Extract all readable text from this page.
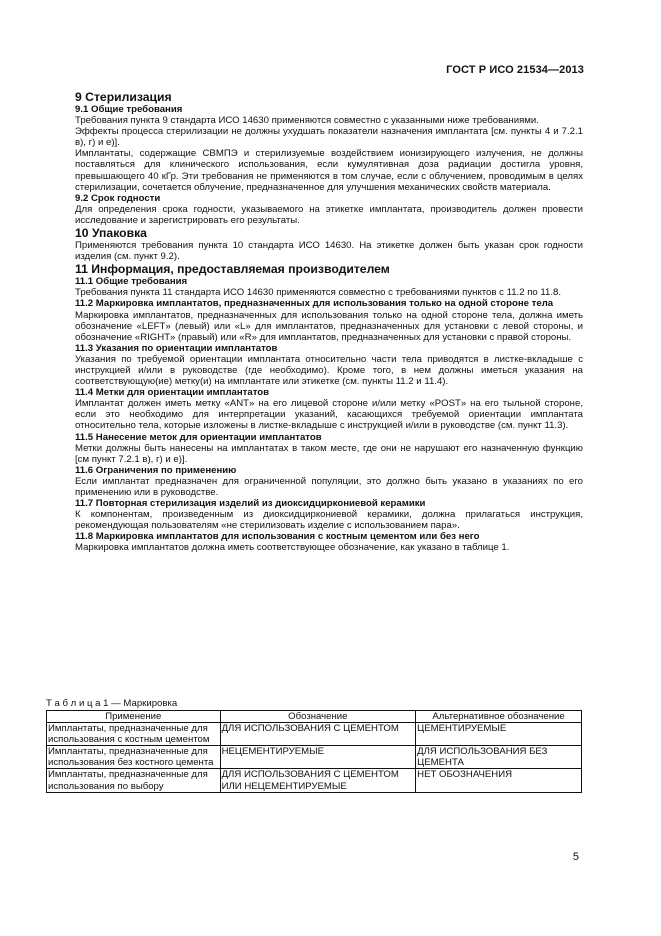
ГОСТ Р ИСО 21534—2013

9 Стерилизация

9.1 Общие требования

Требования пункта 9 стандарта ИСО 14630 применяются совместно с указанными ниже требованиями.

Эффекты процесса стерилизации не должны ухудшать показатели назначения имплантата [см. пункты 4 и 7.2.1 в), г) и е)].

Имплантаты, содержащие СВМПЭ и стерилизуемые воздействием ионизирующего излучения, не должны поставляться для клинического использования, если кумулятивная доза радиации достигла уровня, превышающего 40 кГр. Эти требования не применяются в том случае, если с облучением, проводимым в целях стерилизации, сочетается облучение, предназначенное для улучшения механических свойств материала.

9.2 Срок годности

Для определения срока годности, указываемого на этикетке имплантата, производитель должен провести исследование и зарегистрировать его результаты.

10 Упаковка

Применяются требования пункта 10 стандарта ИСО 14630. На этикетке должен быть указан срок годности изделия (см. пункт 9.2).

11 Информация, предоставляемая производителем

11.1 Общие требования

Требования пункта 11 стандарта ИСО 14630 применяются совместно с требованиями пунктов с 11.2 по 11.8.

11.2 Маркировка имплантатов, предназначенных для использования только на одной стороне тела

Маркировка имплантатов, предназначенных для использования только на одной стороне тела, должна иметь обозначение «LEFT» (левый) или «L» для имплантатов, предназначенных для установки с левой стороны, и обозначение «RIGHT» (правый) или «R» для имплантатов, предназначенных для установки с правой стороны.

11.3 Указания по ориентации имплантатов

Указания по требуемой ориентации имплантата относительно части тела приводятся в листке-вкладыше с инструкцией и/или в руководстве (где необходимо). Кроме того, в нем должны иметься указания на соответствующую(ие) метку(и) на имплантате или этикетке (см. пункты 11.2 и 11.4).

11.4 Метки для ориентации имплантатов

Имплантат должен иметь метку «ANT» на его лицевой стороне и/или метку «POST» на его тыльной стороне, если это необходимо для интерпретации указаний, касающихся требуемой ориентации имплантата относительно тела, которые изложены в листке-вкладыше с инструкцией и/или в руководстве (см. пункт 11.3).

11.5 Нанесение меток для ориентации имплантатов

Метки должны быть нанесены на имплантатах в таком месте, где они не нарушают его назначенную функцию [см пункт 7.2.1 в), г) и е)].

11.6 Ограничения по применению

Если имплантат предназначен для ограниченной популяции, это должно быть указано в указаниях по его применению или в руководстве.

11.7 Повторная стерилизация изделий из диоксидциркониевой керамики

К компонентам, произведенным из диоксидциркониевой керамики, должна прилагаться инструкция, рекомендующая пользователям «не стерилизовать изделие с использованием пара».

11.8 Маркировка имплантатов для использования с костным цементом или без него

Маркировка имплантатов должна иметь соответствующее обозначение, как указано в таблице 1.

Т а б л и ц а 1 — Маркировка
Применение	Обозначение	Альтернативное обозначение
Имплантаты, предназначенные для использования с костным цементом	ДЛЯ ИСПОЛЬЗОВАНИЯ С ЦЕМЕНТОМ	ЦЕМЕНТИРУЕМЫЕ
Имплантаты, предназначенные для использования без костного цемента	НЕЦЕМЕНТИРУЕМЫЕ	ДЛЯ ИСПОЛЬЗОВАНИЯ БЕЗ ЦЕМЕНТА
Имплантаты, предназначенные для использования по выбору	ДЛЯ ИСПОЛЬЗОВАНИЯ С ЦЕМЕНТОМ ИЛИ НЕЦЕМЕНТИРУЕМЫЕ	НЕТ ОБОЗНАЧЕНИЯ
5
